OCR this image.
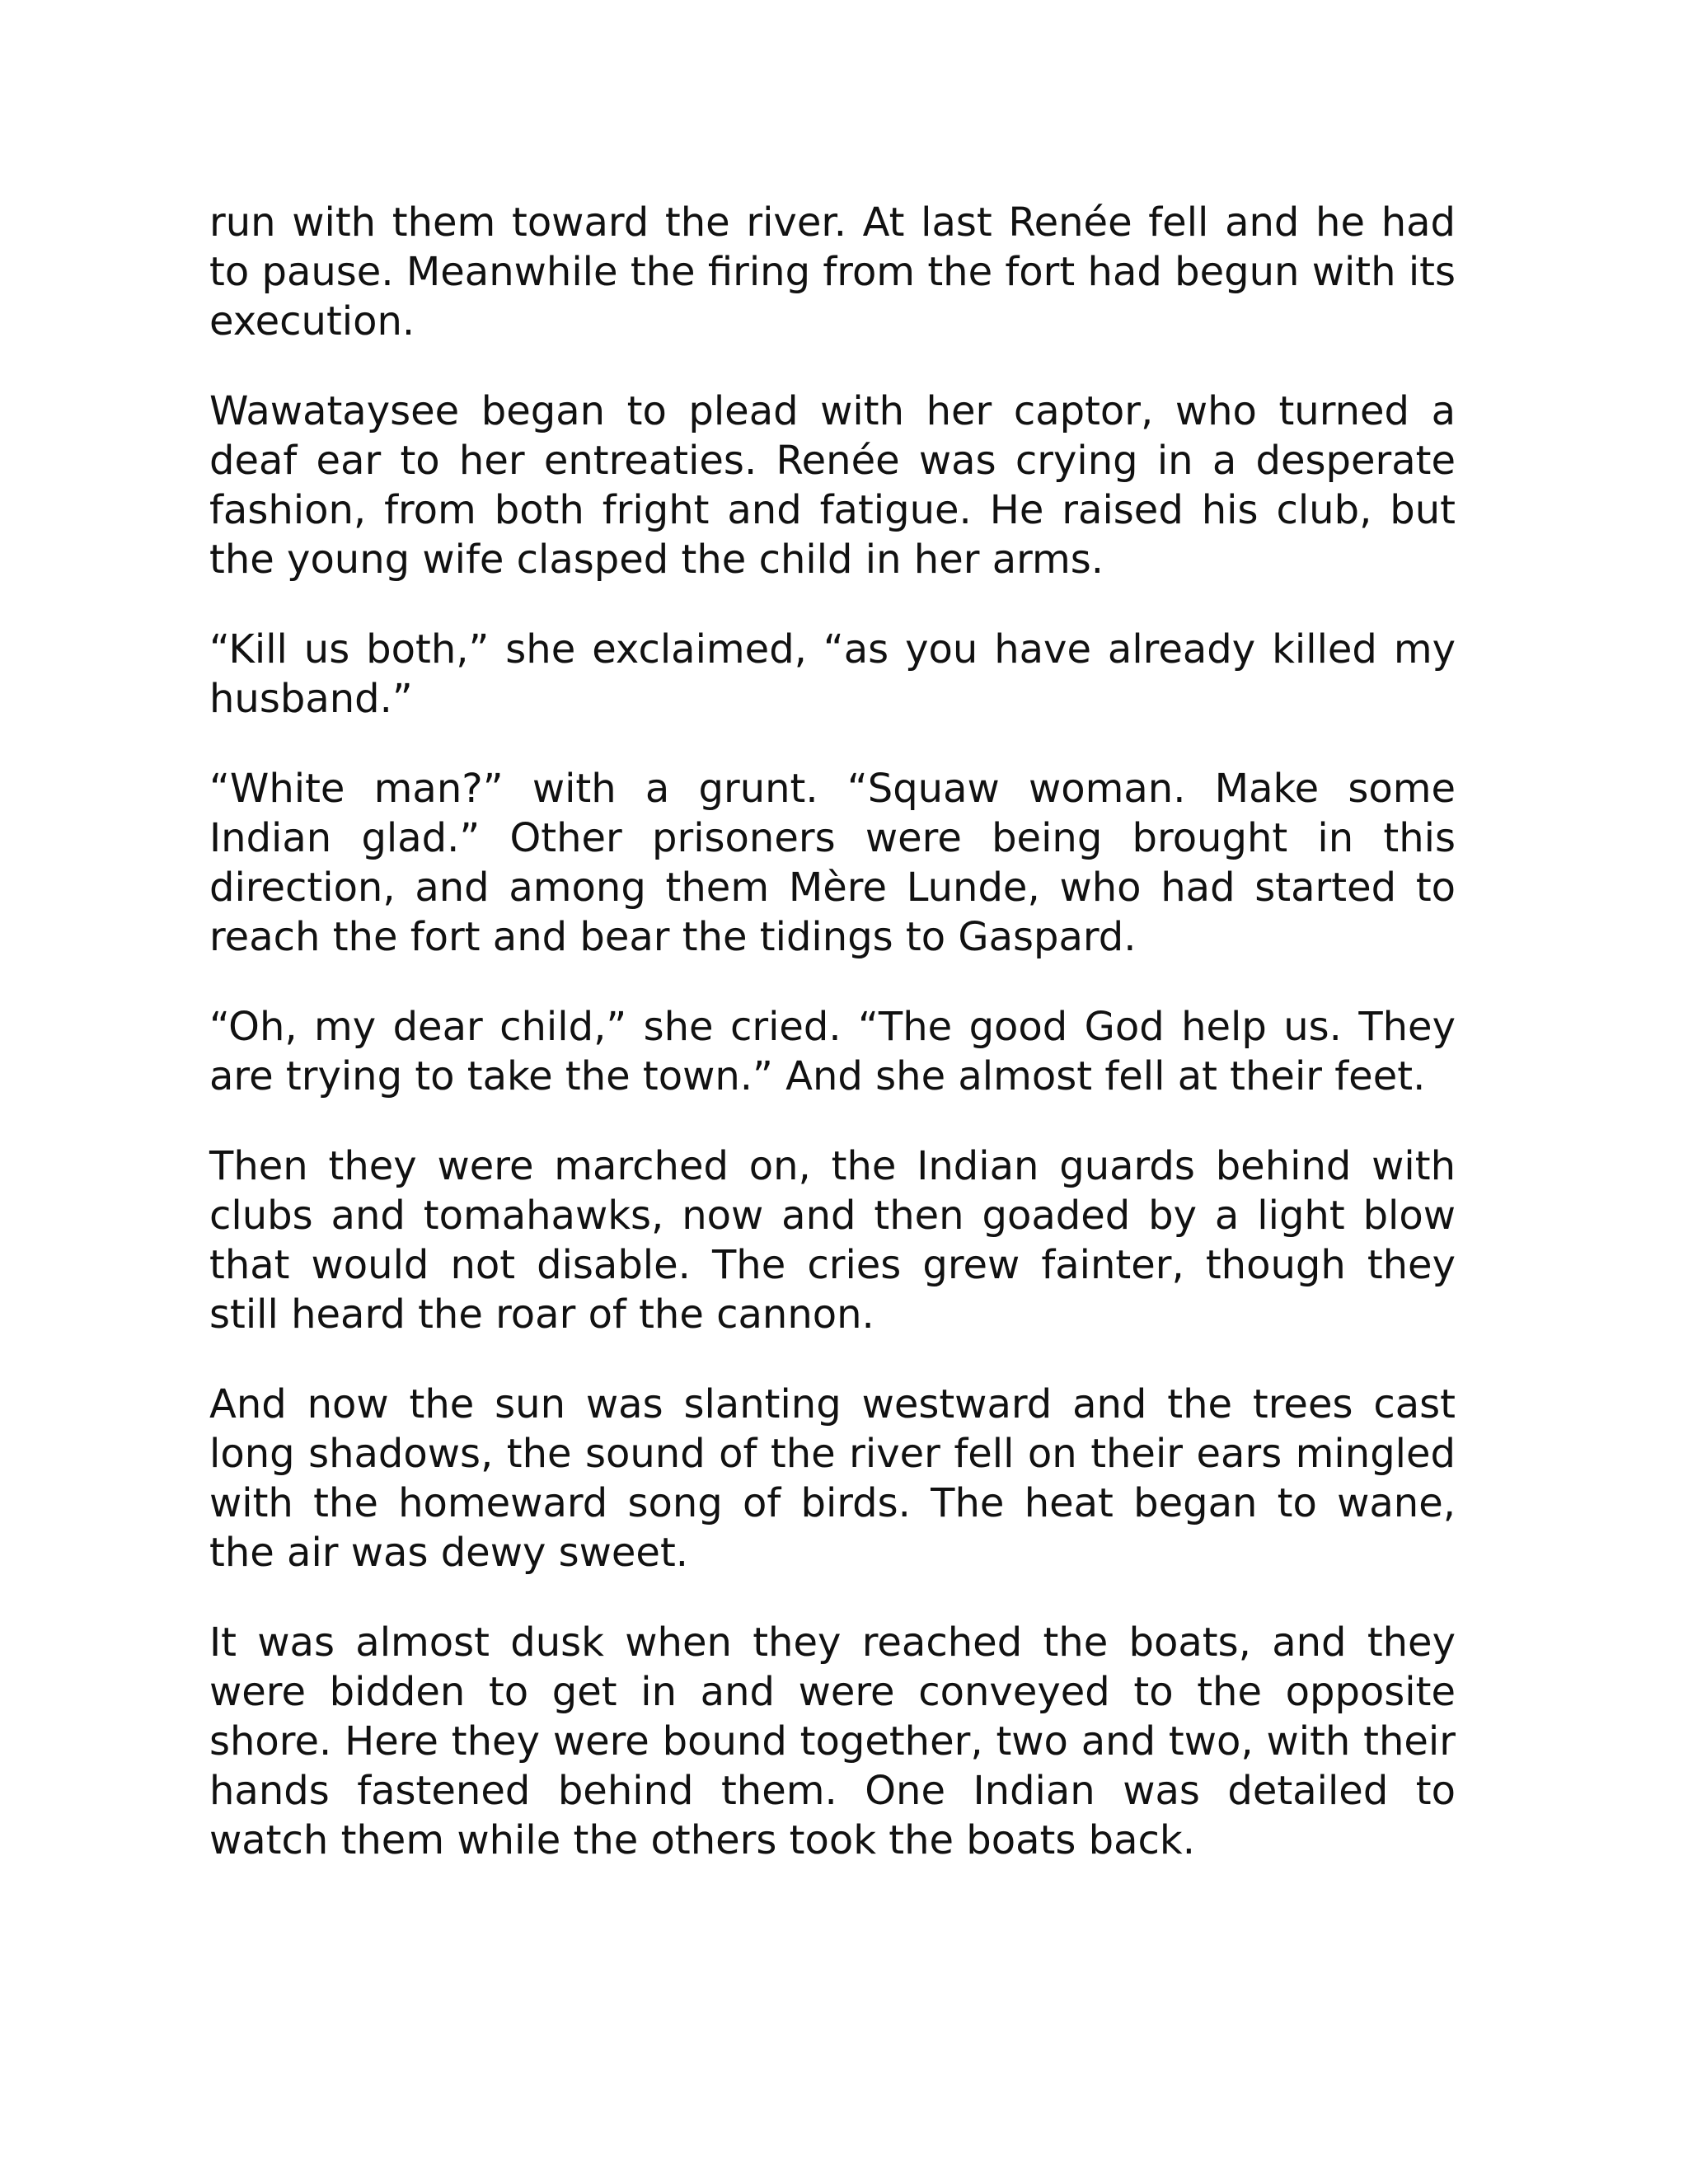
run with them toward the river. At last Renée fell and he had to pause. Meanwhile the firing from the fort had begun with its execution.

Wawataysee began to plead with her captor, who turned a deaf ear to her entreaties. Renée was crying in a desperate fashion, from both fright and fatigue. He raised his club, but the young wife clasped the child in her arms.

“Kill us both,” she exclaimed, “as you have already killed my husband.”

“White man?” with a grunt. “Squaw woman. Make some Indian glad.” Other prisoners were being brought in this direction, and among them Mère Lunde, who had started to reach the fort and bear the tidings to Gaspard.

“Oh, my dear child,” she cried. “The good God help us. They are trying to take the town.” And she almost fell at their feet.

Then they were marched on, the Indian guards behind with clubs and tomahawks, now and then goaded by a light blow that would not disable. The cries grew fainter, though they still heard the roar of the cannon.

And now the sun was slanting westward and the trees cast long shadows, the sound of the river fell on their ears mingled with the homeward song of birds. The heat began to wane, the air was dewy sweet.

It was almost dusk when they reached the boats, and they were bidden to get in and were conveyed to the opposite shore. Here they were bound together, two and two, with their hands fastened behind them. One Indian was detailed to watch them while the others took the boats back.
